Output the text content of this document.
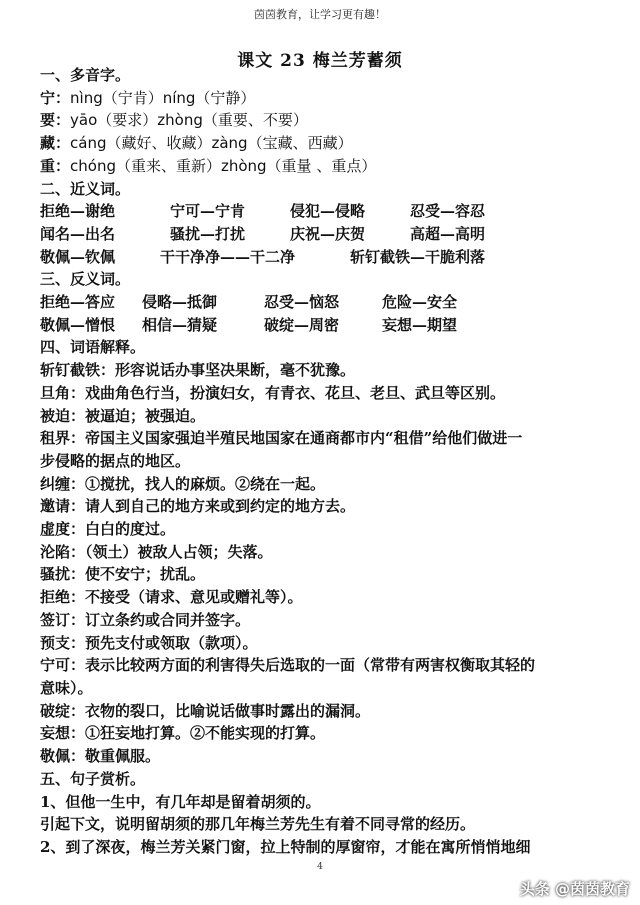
茵茵教育，让学习更有趣！
课文 23 梅兰芳蓄须
一、多音字。
宁：nìng（宁肯）níng（宁静）
要：yāo（要求）zhòng（重要、不要）
藏：cáng（藏好、收藏）zàng（宝藏、西藏）
重：chóng（重来、重新）zhòng（重量 、重点）
二、近义词。
拒绝—谢绝	宁可—宁肯	侵犯—侵略	忍受—容忍
闻名—出名	骚扰—打扰	庆祝—庆贺	高超—高明
敬佩—钦佩	干干净净——干二净	斩钉截铁—干脆利落
三、反义词。
拒绝—答应 侵略—抵御	忍受—恼怒	危险—安全
敬佩—憎恨 相信—猜疑	破绽—周密	妄想—期望
四、词语解释。
斩钉截铁：形容说话办事坚决果断，毫不犹豫。
旦角：戏曲角色行当，扮演妇女，有青衣、花旦、老旦、武旦等区别。
被迫：被逼迫；被强迫。
租界：帝国主义国家强迫半殖民地国家在通商都市内“租借”给他们做进一
步侵略的据点的地区。
纠缠：①搅扰，找人的麻烦。②绕在一起。
邀请：请人到自己的地方来或到约定的地方去。
虚度：白白的度过。
沦陷：（领土）被敌人占领；失落。
骚扰：使不安宁；扰乱。
拒绝：不接受（请求、意见或赠礼等）。
签订：订立条约或合同并签字。
预支：预先支付或领取（款项）。
宁可：表示比较两方面的利害得失后选取的一面（常带有两害权衡取其轻的
意味）。
破绽：衣物的裂口，比喻说话做事时露出的漏洞。
妄想：①狂妄地打算。②不能实现的打算。
敬佩：敬重佩服。
五、句子赏析。
1、但他一生中，有几年却是留着胡须的。
引起下文，说明留胡须的那几年梅兰芳先生有着不同寻常的经历。
2、到了深夜，梅兰芳关紧门窗，拉上特制的厚窗帘，才能在寓所悄悄地细
4
头条 @茵茵教育
